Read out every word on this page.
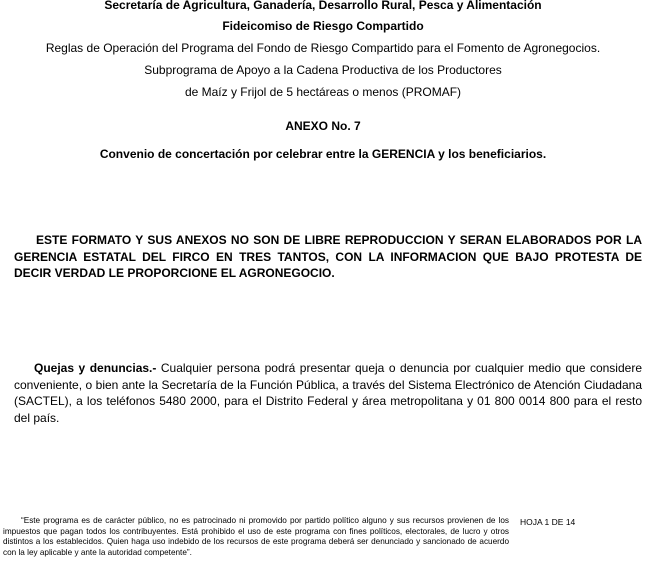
Secretaría de Agricultura, Ganadería, Desarrollo Rural, Pesca y Alimentación
Fideicomiso de Riesgo Compartido
Reglas de Operación del Programa del Fondo de Riesgo Compartido para el Fomento de Agronegocios.
Subprograma de Apoyo a la Cadena Productiva de los Productores
de Maíz y Frijol de 5 hectáreas o menos (PROMAF)
ANEXO No. 7
Convenio de concertación por celebrar entre la GERENCIA y los beneficiarios.
ESTE FORMATO Y SUS ANEXOS NO SON DE LIBRE REPRODUCCION Y SERAN ELABORADOS POR LA GERENCIA ESTATAL DEL FIRCO EN TRES TANTOS, CON LA INFORMACION QUE BAJO PROTESTA DE DECIR VERDAD LE PROPORCIONE EL AGRONEGOCIO.
Quejas y denuncias.- Cualquier persona podrá presentar queja o denuncia por cualquier medio que considere conveniente, o bien ante la Secretaría de la Función Pública, a través del Sistema Electrónico de Atención Ciudadana (SACTEL), a los teléfonos 5480 2000, para el Distrito Federal y área metropolitana y 01 800 0014 800 para el resto del país.
“Este programa es de carácter público, no es patrocinado ni promovido por partido político alguno y sus recursos provienen de los impuestos que pagan todos los contribuyentes. Está prohibido el uso de este programa con fines políticos, electorales, de lucro y otros distintos a los establecidos. Quien haga uso indebido de los recursos de este programa deberá ser denunciado y sancionado de acuerdo con la ley aplicable y ante la autoridad competente”.
HOJA 1 DE 14
